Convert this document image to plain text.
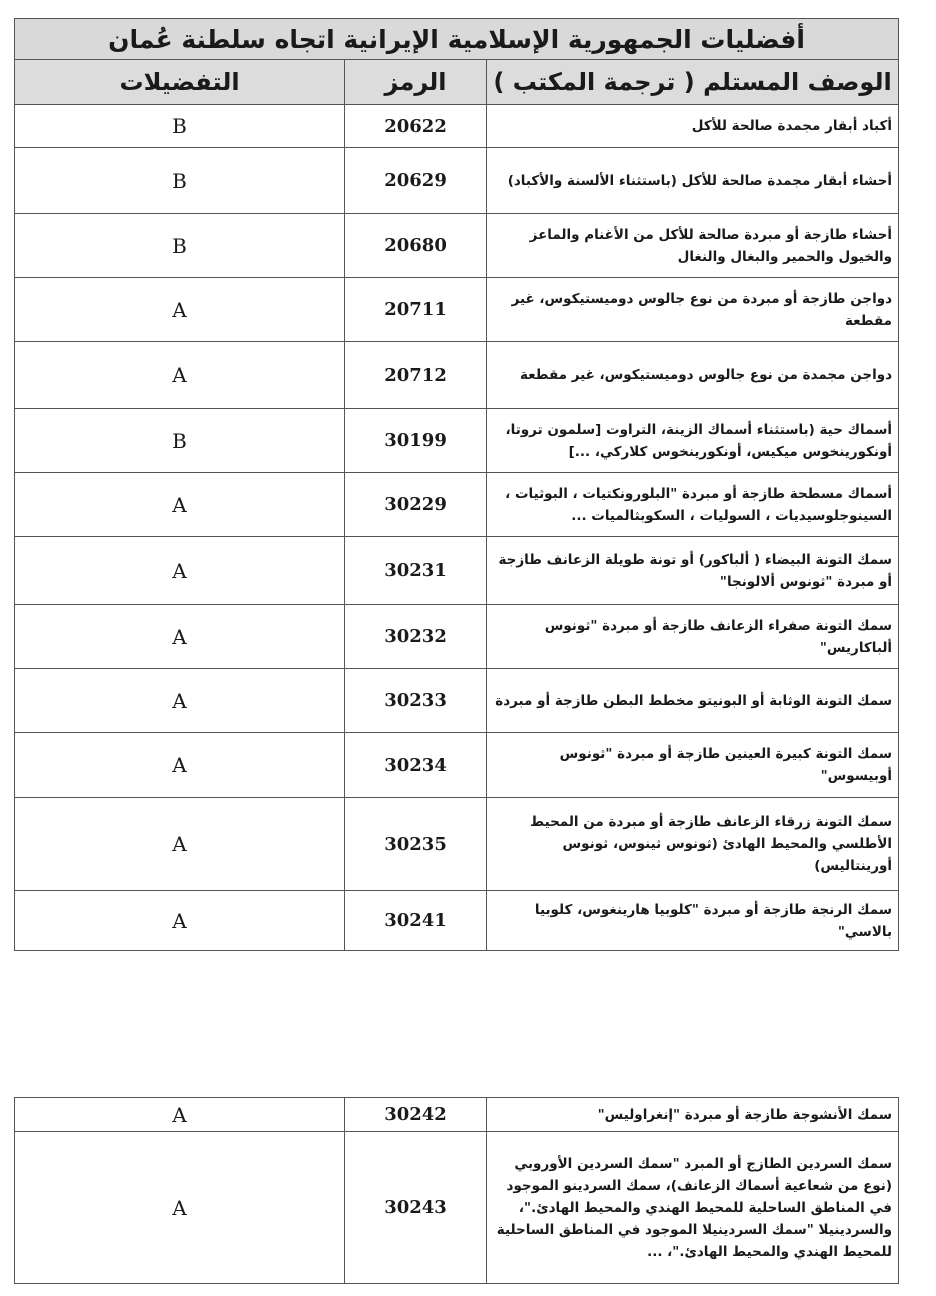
أفضليات الجمهورية الإسلامية الإيرانية اتجاه سلطنة عُمان		
الوصف المستلم ( ترجمة المكتب )	الرمز	التفضيلات
أكباد أبقار مجمدة صالحة للأكل	20622	B
أحشاء أبقار مجمدة صالحة للأكل (باستثناء الألسنة والأكباد)	20629	B
أحشاء طازجة أو مبردة صالحة للأكل من الأغنام والماعز والخيول والحمير والبغال والنغال	20680	B
دواجن طازجة أو مبردة من نوع جالوس دوميستيكوس، غير مقطعة	20711	A
دواجن مجمدة من نوع جالوس دوميستيكوس، غير مقطعة	20712	A
أسماك حية (باستثناء أسماك الزينة، التراوت [سلمون تروتا، أونكورينخوس ميكيس، أونكورينخوس كلاركي، ...]	30199	B
أسماك مسطحة طازجة أو مبردة "البلورونكتيات ، البوثيات ، السينوجلوسيديات ، السوليات ، السكوبثالميات ...	30229	A
سمك التونة البيضاء ( ألباكور) أو تونة طويلة الزعانف طازجة أو مبردة "ثونوس ألالونجا"	30231	A
سمك التونة صفراء الزعانف طازجة أو مبردة "ثونوس ألباكاريس"	30232	A
سمك التونة الوثابة أو البونيتو مخطط البطن طازجة أو مبردة	30233	A
سمك التونة كبيرة العينين طازجة أو مبردة "ثونوس أوبيسوس"	30234	A
سمك التونة زرقاء الزعانف طازجة أو مبردة من المحيط الأطلسي والمحيط الهادئ (ثونوس ثينوس، ثونوس أورينتاليس)	30235	A
سمك الرنجة طازجة أو مبردة "كلوبيا هارينغوس، كلوبيا بالاسي"	30241	A
سمك الأنشوجة طازجة أو مبردة "إنغراوليس"	30242	A
سمك السردين الطازج أو المبرد "سمك السردين الأوروبي (نوع من شعاعية أسماك الزعانف)، سمك السردينو الموجود في المناطق الساحلية للمحيط الهندي والمحيط الهادئ."، والسردينيلا "سمك السردينيلا الموجود في المناطق الساحلية للمحيط الهندي والمحيط الهادئ."، ...	30243	A
